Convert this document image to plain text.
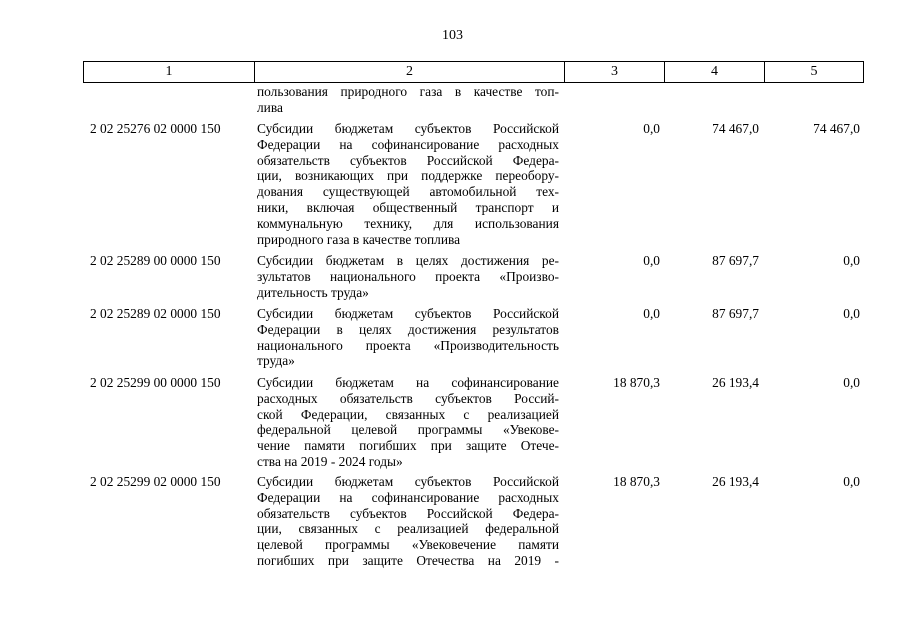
103
1	2	3	4	5
пользования природного газа в качестве топ-
лива
2 02 25276 02 0000 150	Субсидии бюджетам субъектов Российской
Федерации на софинансирование расходных
обязательств субъектов Российской Федера-
ции, возникающих при поддержке переобору-
дования существующей автомобильной тех-
ники, включая общественный транспорт и
коммунальную технику, для использования
природного газа в качестве топлива
0,0	74 467,0	74 467,0
2 02 25289 00 0000 150	Субсидии бюджетам в целях достижения ре-
зультатов национального проекта «Произво-
дительность труда»
0,0	87 697,7	0,0
2 02 25289 02 0000 150	Субсидии бюджетам субъектов Российской
Федерации в целях достижения результатов
национального проекта «Производительность
труда»
0,0	87 697,7	0,0
2 02 25299 00 0000 150	Субсидии бюджетам на софинансирование
расходных обязательств субъектов Россий-
ской Федерации, связанных с реализацией
федеральной целевой программы «Увекове-
чение памяти погибших при защите Отече-
ства на 2019 - 2024 годы»
18 870,3	26 193,4	0,0
2 02 25299 02 0000 150	Субсидии бюджетам субъектов Российской
Федерации на софинансирование расходных
обязательств субъектов Российской Федера-
ции, связанных с реализацией федеральной
целевой программы «Увековечение памяти
погибших при защите Отечества на 2019 -
18 870,3	26 193,4	0,0
